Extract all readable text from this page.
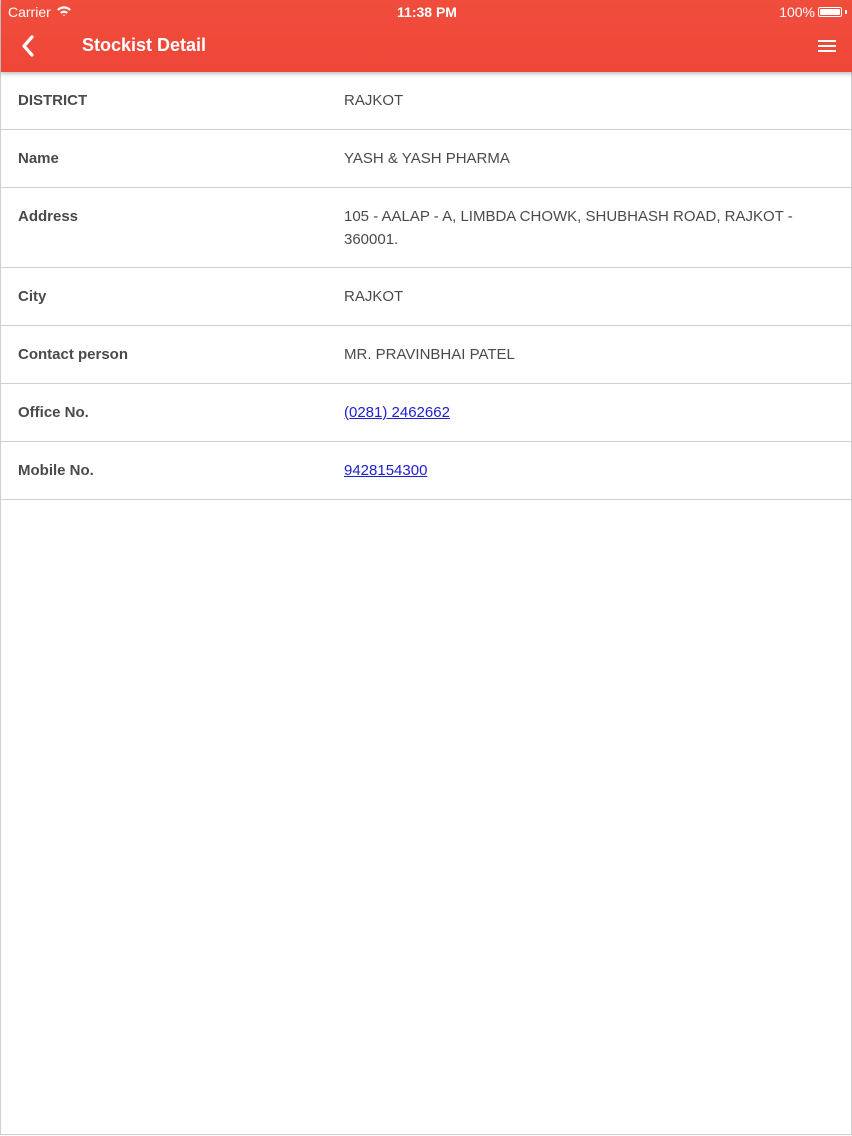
Carrier	11:38 PM	100%
Stockist Detail
DISTRICT	RAJKOT
Name	YASH & YASH PHARMA
Address	105 - AALAP - A, LIMBDA CHOWK, SHUBHASH ROAD, RAJKOT - 360001.
City	RAJKOT
Contact person	MR. PRAVINBHAI PATEL
Office No.	(0281) 2462662
Mobile No.	9428154300
